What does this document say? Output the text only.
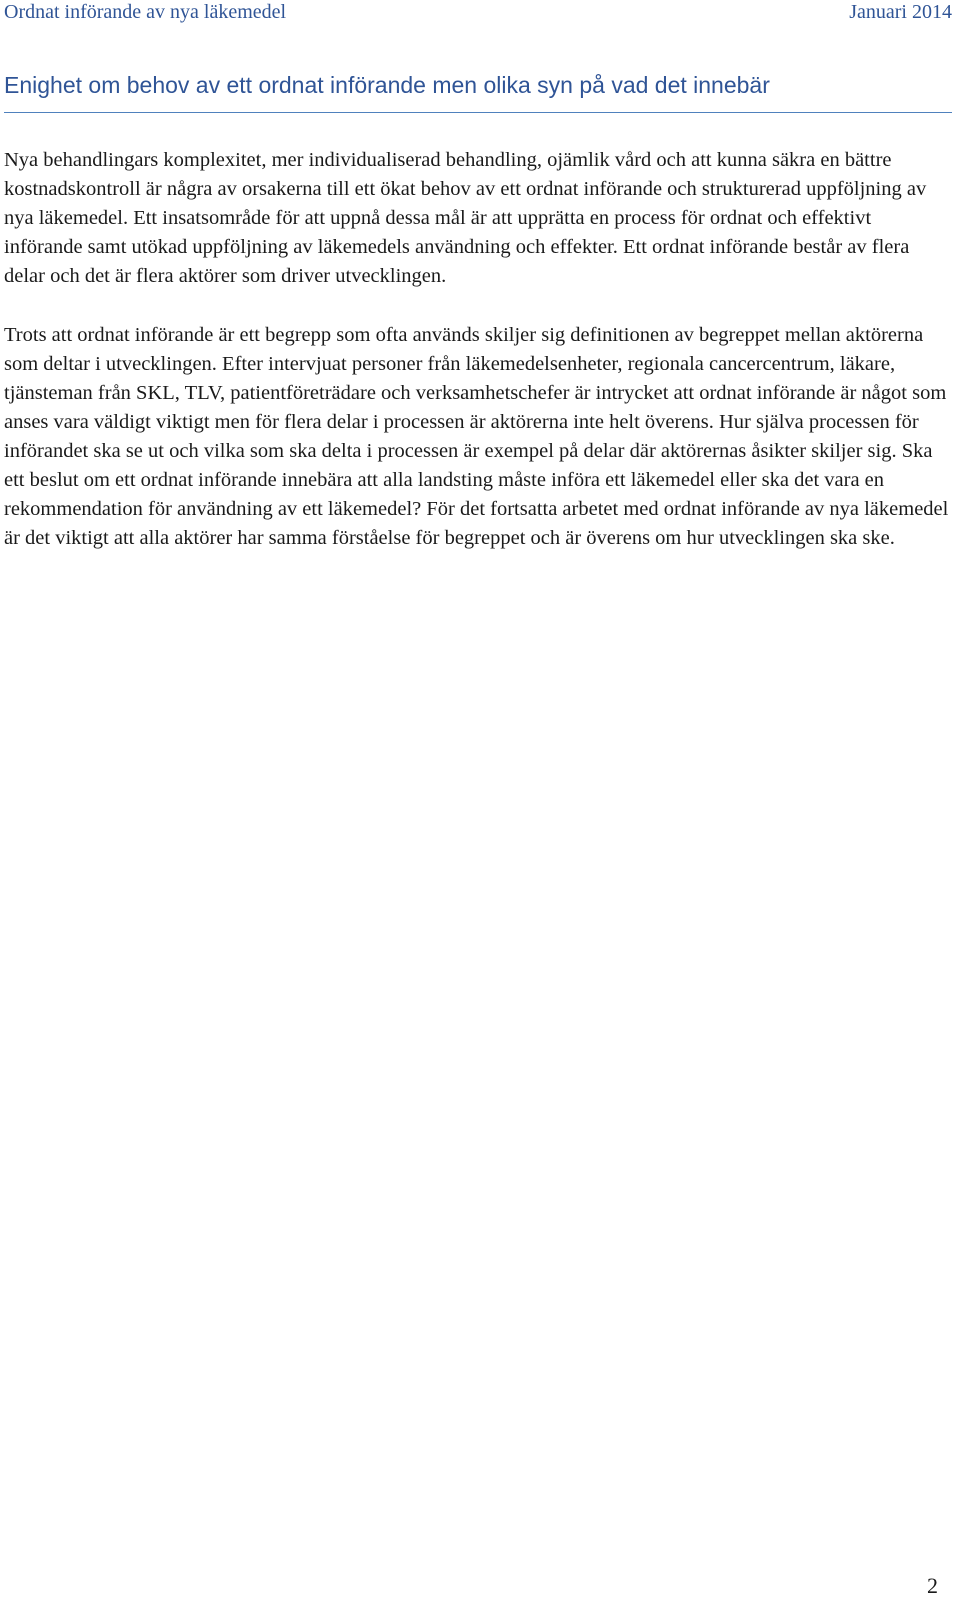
Ordnat införande av nya läkemedel	Januari 2014
Enighet om behov av ett ordnat införande men olika syn på vad det innebär

Nya behandlingars komplexitet, mer individualiserad behandling, ojämlik vård och att kunna säkra en bättre kostnadskontroll är några av orsakerna till ett ökat behov av ett ordnat införande och strukturerad uppföljning av nya läkemedel. Ett insatsområde för att uppnå dessa mål är att upprätta en process för ordnat och effektivt införande samt utökad uppföljning av läkemedels användning och effekter. Ett ordnat införande består av flera delar och det är flera aktörer som driver utvecklingen.

Trots att ordnat införande är ett begrepp som ofta används skiljer sig definitionen av begreppet mellan aktörerna som deltar i utvecklingen. Efter intervjuat personer från läkemedelsenheter, regionala cancercentrum, läkare, tjänsteman från SKL, TLV, patientföreträdare och verksamhetschefer är intrycket att ordnat införande är något som anses vara väldigt viktigt men för flera delar i processen är aktörerna inte helt överens. Hur själva processen för införandet ska se ut och vilka som ska delta i processen är exempel på delar där aktörernas åsikter skiljer sig. Ska ett beslut om ett ordnat införande innebära att alla landsting måste införa ett läkemedel eller ska det vara en rekommendation för användning av ett läkemedel? För det fortsatta arbetet med ordnat införande av nya läkemedel är det viktigt att alla aktörer har samma förståelse för begreppet och är överens om hur utvecklingen ska ske.

2
